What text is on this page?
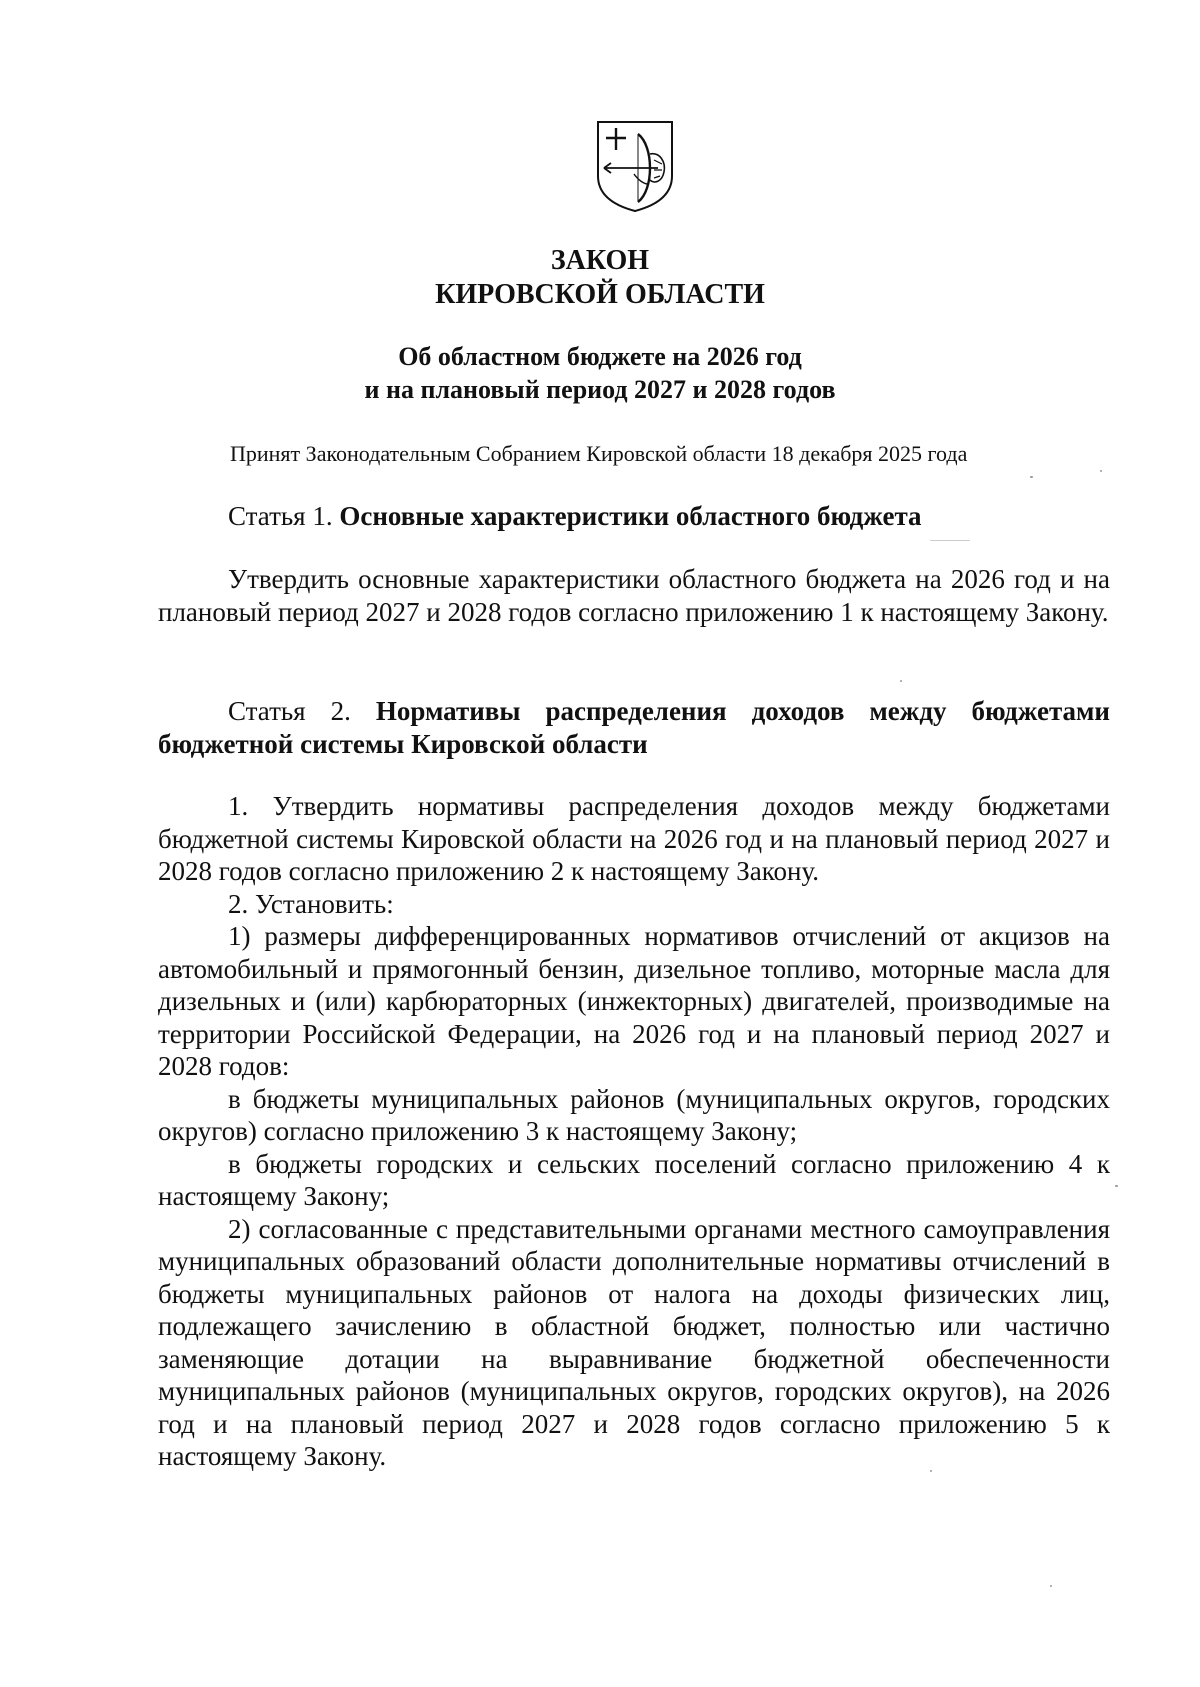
ЗАКОН
КИРОВСКОЙ ОБЛАСТИ
Об областном бюджете на 2026 год
и на плановый период 2027 и 2028 годов
Принят Законодательным Собранием Кировской области 18 декабря 2025 года
Статья 1. Основные характеристики областного бюджета

Утвердить основные характеристики областного бюджета на 2026 год и на плановый период 2027 и 2028 годов согласно приложению 1 к настоящему Закону.

Статья 2. Нормативы распределения доходов между бюджетами бюджетной системы Кировской области

1. Утвердить нормативы распределения доходов между бюджетами бюджетной системы Кировской области на 2026 год и на плановый период 2027 и 2028 годов согласно приложению 2 к настоящему Закону.

2. Установить:

1) размеры дифференцированных нормативов отчислений от акцизов на автомобильный и прямогонный бензин, дизельное топливо, моторные масла для дизельных и (или) карбюраторных (инжекторных) двигателей, производимые на территории Российской Федерации, на 2026 год и на плановый период 2027 и 2028 годов:

в бюджеты муниципальных районов (муниципальных округов, городских округов) согласно приложению 3 к настоящему Закону;

в бюджеты городских и сельских поселений согласно приложению 4 к настоящему Закону;

2) согласованные с представительными органами местного самоуправления муниципальных образований области дополнительные нормативы отчислений в бюджеты муниципальных районов от налога на доходы физических лиц, подлежащего зачислению в областной бюджет, полностью или частично заменяющие дотации на выравнивание бюджетной обеспеченности муниципальных районов (муниципальных округов, городских округов), на 2026 год и на плановый период 2027 и 2028 годов согласно приложению 5 к настоящему Закону.
